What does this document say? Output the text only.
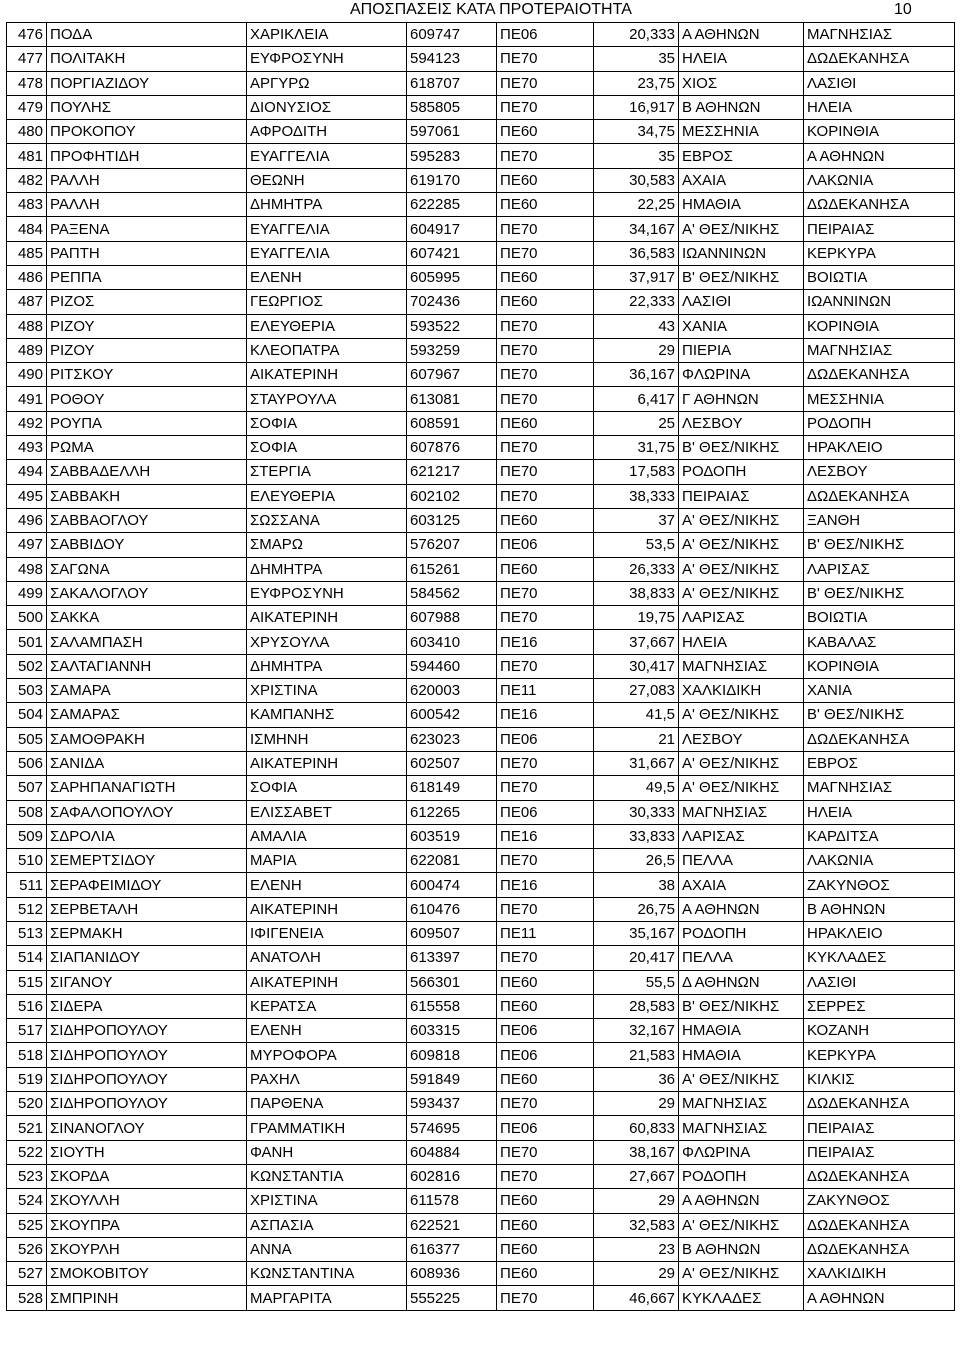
ΑΠΟΣΠΑΣΕΙΣ ΚΑΤΑ ΠΡΟΤΕΡΑΙΟΤΗΤΑ	10
476	ΠΟΔΑ	ΧΑΡΙΚΛΕΙΑ	609747	ΠΕ06	20,333	Α ΑΘΗΝΩΝ	ΜΑΓΝΗΣΙΑΣ
477	ΠΟΛΙΤΑΚΗ	ΕΥΦΡΟΣΥΝΗ	594123	ΠΕ70	35	ΗΛΕΙΑ	ΔΩΔΕΚΑΝΗΣΑ
478	ΠΟΡΓΙΑΖΙΔΟΥ	ΑΡΓΥΡΩ	618707	ΠΕ70	23,75	ΧΙΟΣ	ΛΑΣΙΘΙ
479	ΠΟΥΛΗΣ	ΔΙΟΝΥΣΙΟΣ	585805	ΠΕ70	16,917	Β ΑΘΗΝΩΝ	ΗΛΕΙΑ
480	ΠΡΟΚΟΠΟΥ	ΑΦΡΟΔΙΤΗ	597061	ΠΕ60	34,75	ΜΕΣΣΗΝΙΑ	ΚΟΡΙΝΘΙΑ
481	ΠΡΟΦΗΤΙΔΗ	ΕΥΑΓΓΕΛΙΑ	595283	ΠΕ70	35	ΕΒΡΟΣ	Α ΑΘΗΝΩΝ
482	ΡΑΛΛΗ	ΘΕΩΝΗ	619170	ΠΕ60	30,583	ΑΧΑΙΑ	ΛΑΚΩΝΙΑ
483	ΡΑΛΛΗ	ΔΗΜΗΤΡΑ	622285	ΠΕ60	22,25	ΗΜΑΘΙΑ	ΔΩΔΕΚΑΝΗΣΑ
484	ΡΑΞΕΝΑ	ΕΥΑΓΓΕΛΙΑ	604917	ΠΕ70	34,167	Α' ΘΕΣ/ΝΙΚΗΣ	ΠΕΙΡΑΙΑΣ
485	ΡΑΠΤΗ	ΕΥΑΓΓΕΛΙΑ	607421	ΠΕ70	36,583	ΙΩΑΝΝΙΝΩΝ	ΚΕΡΚΥΡΑ
486	ΡΕΠΠΑ	ΕΛΕΝΗ	605995	ΠΕ60	37,917	Β' ΘΕΣ/ΝΙΚΗΣ	ΒΟΙΩΤΙΑ
487	ΡΙΖΟΣ	ΓΕΩΡΓΙΟΣ	702436	ΠΕ60	22,333	ΛΑΣΙΘΙ	ΙΩΑΝΝΙΝΩΝ
488	ΡΙΖΟΥ	ΕΛΕΥΘΕΡΙΑ	593522	ΠΕ70	43	ΧΑΝΙΑ	ΚΟΡΙΝΘΙΑ
489	ΡΙΖΟΥ	ΚΛΕΟΠΑΤΡΑ	593259	ΠΕ70	29	ΠΙΕΡΙΑ	ΜΑΓΝΗΣΙΑΣ
490	ΡΙΤΣΚΟΥ	ΑΙΚΑΤΕΡΙΝΗ	607967	ΠΕ70	36,167	ΦΛΩΡΙΝΑ	ΔΩΔΕΚΑΝΗΣΑ
491	ΡΟΘΟΥ	ΣΤΑΥΡΟΥΛΑ	613081	ΠΕ70	6,417	Γ ΑΘΗΝΩΝ	ΜΕΣΣΗΝΙΑ
492	ΡΟΥΠΑ	ΣΟΦΙΑ	608591	ΠΕ60	25	ΛΕΣΒΟΥ	ΡΟΔΟΠΗ
493	ΡΩΜΑ	ΣΟΦΙΑ	607876	ΠΕ70	31,75	Β' ΘΕΣ/ΝΙΚΗΣ	ΗΡΑΚΛΕΙΟ
494	ΣΑΒΒΑΔΕΛΛΗ	ΣΤΕΡΓΙΑ	621217	ΠΕ70	17,583	ΡΟΔΟΠΗ	ΛΕΣΒΟΥ
495	ΣΑΒΒΑΚΗ	ΕΛΕΥΘΕΡΙΑ	602102	ΠΕ70	38,333	ΠΕΙΡΑΙΑΣ	ΔΩΔΕΚΑΝΗΣΑ
496	ΣΑΒΒΑΟΓΛΟΥ	ΣΩΣΣΑΝΑ	603125	ΠΕ60	37	Α' ΘΕΣ/ΝΙΚΗΣ	ΞΑΝΘΗ
497	ΣΑΒΒΙΔΟΥ	ΣΜΑΡΩ	576207	ΠΕ06	53,5	Α' ΘΕΣ/ΝΙΚΗΣ	Β' ΘΕΣ/ΝΙΚΗΣ
498	ΣΑΓΩΝΑ	ΔΗΜΗΤΡΑ	615261	ΠΕ60	26,333	Α' ΘΕΣ/ΝΙΚΗΣ	ΛΑΡΙΣΑΣ
499	ΣΑΚΑΛΟΓΛΟΥ	ΕΥΦΡΟΣΥΝΗ	584562	ΠΕ70	38,833	Α' ΘΕΣ/ΝΙΚΗΣ	Β' ΘΕΣ/ΝΙΚΗΣ
500	ΣΑΚΚΑ	ΑΙΚΑΤΕΡΙΝΗ	607988	ΠΕ70	19,75	ΛΑΡΙΣΑΣ	ΒΟΙΩΤΙΑ
501	ΣΑΛΑΜΠΑΣΗ	ΧΡΥΣΟΥΛΑ	603410	ΠΕ16	37,667	ΗΛΕΙΑ	ΚΑΒΑΛΑΣ
502	ΣΑΛΤΑΓΙΑΝΝΗ	ΔΗΜΗΤΡΑ	594460	ΠΕ70	30,417	ΜΑΓΝΗΣΙΑΣ	ΚΟΡΙΝΘΙΑ
503	ΣΑΜΑΡΑ	ΧΡΙΣΤΙΝΑ	620003	ΠΕ11	27,083	ΧΑΛΚΙΔΙΚΗ	ΧΑΝΙΑ
504	ΣΑΜΑΡΑΣ	ΚΑΜΠΑΝΗΣ	600542	ΠΕ16	41,5	Α' ΘΕΣ/ΝΙΚΗΣ	Β' ΘΕΣ/ΝΙΚΗΣ
505	ΣΑΜΟΘΡΑΚΗ	ΙΣΜΗΝΗ	623023	ΠΕ06	21	ΛΕΣΒΟΥ	ΔΩΔΕΚΑΝΗΣΑ
506	ΣΑΝΙΔΑ	ΑΙΚΑΤΕΡΙΝΗ	602507	ΠΕ70	31,667	Α' ΘΕΣ/ΝΙΚΗΣ	ΕΒΡΟΣ
507	ΣΑΡΗΠΑΝΑΓΙΩΤΗ	ΣΟΦΙΑ	618149	ΠΕ70	49,5	Α' ΘΕΣ/ΝΙΚΗΣ	ΜΑΓΝΗΣΙΑΣ
508	ΣΑΦΑΛΟΠΟΥΛΟΥ	ΕΛΙΣΣΑΒΕΤ	612265	ΠΕ06	30,333	ΜΑΓΝΗΣΙΑΣ	ΗΛΕΙΑ
509	ΣΔΡΟΛΙΑ	ΑΜΑΛΙΑ	603519	ΠΕ16	33,833	ΛΑΡΙΣΑΣ	ΚΑΡΔΙΤΣΑ
510	ΣΕΜΕΡΤΣΙΔΟΥ	ΜΑΡΙΑ	622081	ΠΕ70	26,5	ΠΕΛΛΑ	ΛΑΚΩΝΙΑ
511	ΣΕΡΑΦΕΙΜΙΔΟΥ	ΕΛΕΝΗ	600474	ΠΕ16	38	ΑΧΑΙΑ	ΖΑΚΥΝΘΟΣ
512	ΣΕΡΒΕΤΑΛΗ	ΑΙΚΑΤΕΡΙΝΗ	610476	ΠΕ70	26,75	Α ΑΘΗΝΩΝ	Β ΑΘΗΝΩΝ
513	ΣΕΡΜΑΚΗ	ΙΦΙΓΕΝΕΙΑ	609507	ΠΕ11	35,167	ΡΟΔΟΠΗ	ΗΡΑΚΛΕΙΟ
514	ΣΙΑΠΑΝΙΔΟΥ	ΑΝΑΤΟΛΗ	613397	ΠΕ70	20,417	ΠΕΛΛΑ	ΚΥΚΛΑΔΕΣ
515	ΣΙΓΑΝΟΥ	ΑΙΚΑΤΕΡΙΝΗ	566301	ΠΕ60	55,5	Δ ΑΘΗΝΩΝ	ΛΑΣΙΘΙ
516	ΣΙΔΕΡΑ	ΚΕΡΑΤΣΑ	615558	ΠΕ60	28,583	Β' ΘΕΣ/ΝΙΚΗΣ	ΣΕΡΡΕΣ
517	ΣΙΔΗΡΟΠΟΥΛΟΥ	ΕΛΕΝΗ	603315	ΠΕ06	32,167	ΗΜΑΘΙΑ	ΚΟΖΑΝΗ
518	ΣΙΔΗΡΟΠΟΥΛΟΥ	ΜΥΡΟΦΟΡΑ	609818	ΠΕ06	21,583	ΗΜΑΘΙΑ	ΚΕΡΚΥΡΑ
519	ΣΙΔΗΡΟΠΟΥΛΟΥ	ΡΑΧΗΛ	591849	ΠΕ60	36	Α' ΘΕΣ/ΝΙΚΗΣ	ΚΙΛΚΙΣ
520	ΣΙΔΗΡΟΠΟΥΛΟΥ	ΠΑΡΘΕΝΑ	593437	ΠΕ70	29	ΜΑΓΝΗΣΙΑΣ	ΔΩΔΕΚΑΝΗΣΑ
521	ΣΙΝΑΝΟΓΛΟΥ	ΓΡΑΜΜΑΤΙΚΗ	574695	ΠΕ06	60,833	ΜΑΓΝΗΣΙΑΣ	ΠΕΙΡΑΙΑΣ
522	ΣΙΟΥΤΗ	ΦΑΝΗ	604884	ΠΕ70	38,167	ΦΛΩΡΙΝΑ	ΠΕΙΡΑΙΑΣ
523	ΣΚΟΡΔΑ	ΚΩΝΣΤΑΝΤΙΑ	602816	ΠΕ70	27,667	ΡΟΔΟΠΗ	ΔΩΔΕΚΑΝΗΣΑ
524	ΣΚΟΥΛΛΗ	ΧΡΙΣΤΙΝΑ	611578	ΠΕ60	29	Α ΑΘΗΝΩΝ	ΖΑΚΥΝΘΟΣ
525	ΣΚΟΥΠΡΑ	ΑΣΠΑΣΙΑ	622521	ΠΕ60	32,583	Α' ΘΕΣ/ΝΙΚΗΣ	ΔΩΔΕΚΑΝΗΣΑ
526	ΣΚΟΥΡΛΗ	ΑΝΝΑ	616377	ΠΕ60	23	Β ΑΘΗΝΩΝ	ΔΩΔΕΚΑΝΗΣΑ
527	ΣΜΟΚΟΒΙΤΟΥ	ΚΩΝΣΤΑΝΤΙΝΑ	608936	ΠΕ60	29	Α' ΘΕΣ/ΝΙΚΗΣ	ΧΑΛΚΙΔΙΚΗ
528	ΣΜΠΡΙΝΗ	ΜΑΡΓΑΡΙΤΑ	555225	ΠΕ70	46,667	ΚΥΚΛΑΔΕΣ	Α ΑΘΗΝΩΝ
